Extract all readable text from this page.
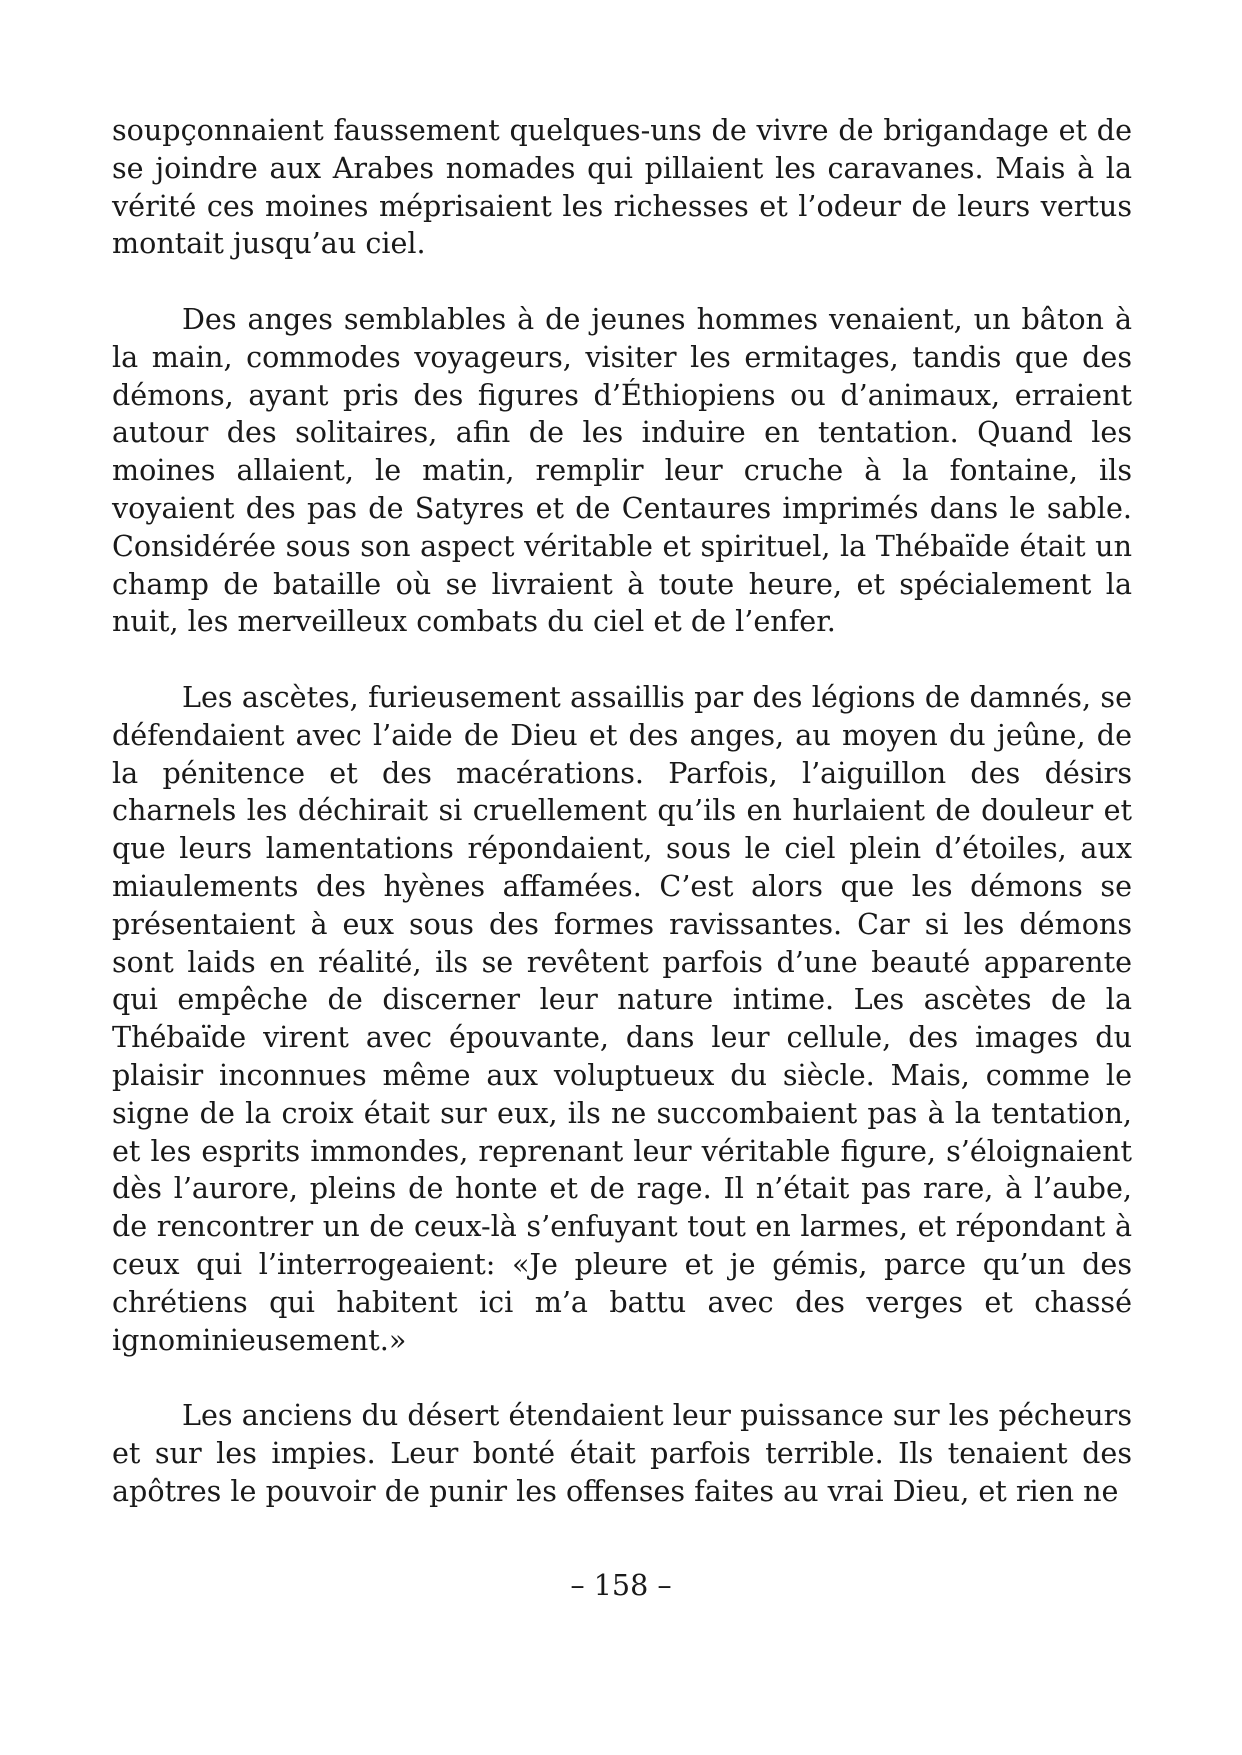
soupçonnaient faussement quelques-uns de vivre de brigandage et de se joindre aux Arabes nomades qui pillaient les caravanes. Mais à la vérité ces moines méprisaient les richesses et l’odeur de leurs vertus montait jusqu’au ciel.

Des anges semblables à de jeunes hommes venaient, un bâton à la main, commodes voyageurs, visiter les ermitages, tandis que des démons, ayant pris des figures d’Éthiopiens ou d’animaux, erraient autour des solitaires, afin de les induire en tentation. Quand les moines allaient, le matin, remplir leur cruche à la fontaine, ils voyaient des pas de Satyres et de Centaures imprimés dans le sable. Considérée sous son aspect véritable et spirituel, la Thébaïde était un champ de bataille où se livraient à toute heure, et spécialement la nuit, les merveilleux combats du ciel et de l’enfer.

Les ascètes, furieusement assaillis par des légions de damnés, se défendaient avec l’aide de Dieu et des anges, au moyen du jeûne, de la pénitence et des macérations. Parfois, l’aiguillon des désirs charnels les déchirait si cruellement qu’ils en hurlaient de douleur et que leurs lamentations répondaient, sous le ciel plein d’étoiles, aux miaulements des hyènes affamées. C’est alors que les démons se présentaient à eux sous des formes ravissantes. Car si les démons sont laids en réalité, ils se revêtent parfois d’une beauté apparente qui empêche de discerner leur nature intime. Les ascètes de la Thébaïde virent avec épouvante, dans leur cellule, des images du plaisir inconnues même aux voluptueux du siècle. Mais, comme le signe de la croix était sur eux, ils ne succombaient pas à la tentation, et les esprits immondes, reprenant leur véritable figure, s’éloignaient dès l’aurore, pleins de honte et de rage. Il n’était pas rare, à l’aube, de rencontrer un de ceux-là s’enfuyant tout en larmes, et répondant à ceux qui l’interrogeaient: «Je pleure et je gémis, parce qu’un des chrétiens qui habitent ici m’a battu avec des verges et chassé ignominieusement.»

Les anciens du désert étendaient leur puissance sur les pécheurs et sur les impies. Leur bonté était parfois terrible. Ils tenaient des apôtres le pouvoir de punir les offenses faites au vrai Dieu, et rien ne

– 158 –
